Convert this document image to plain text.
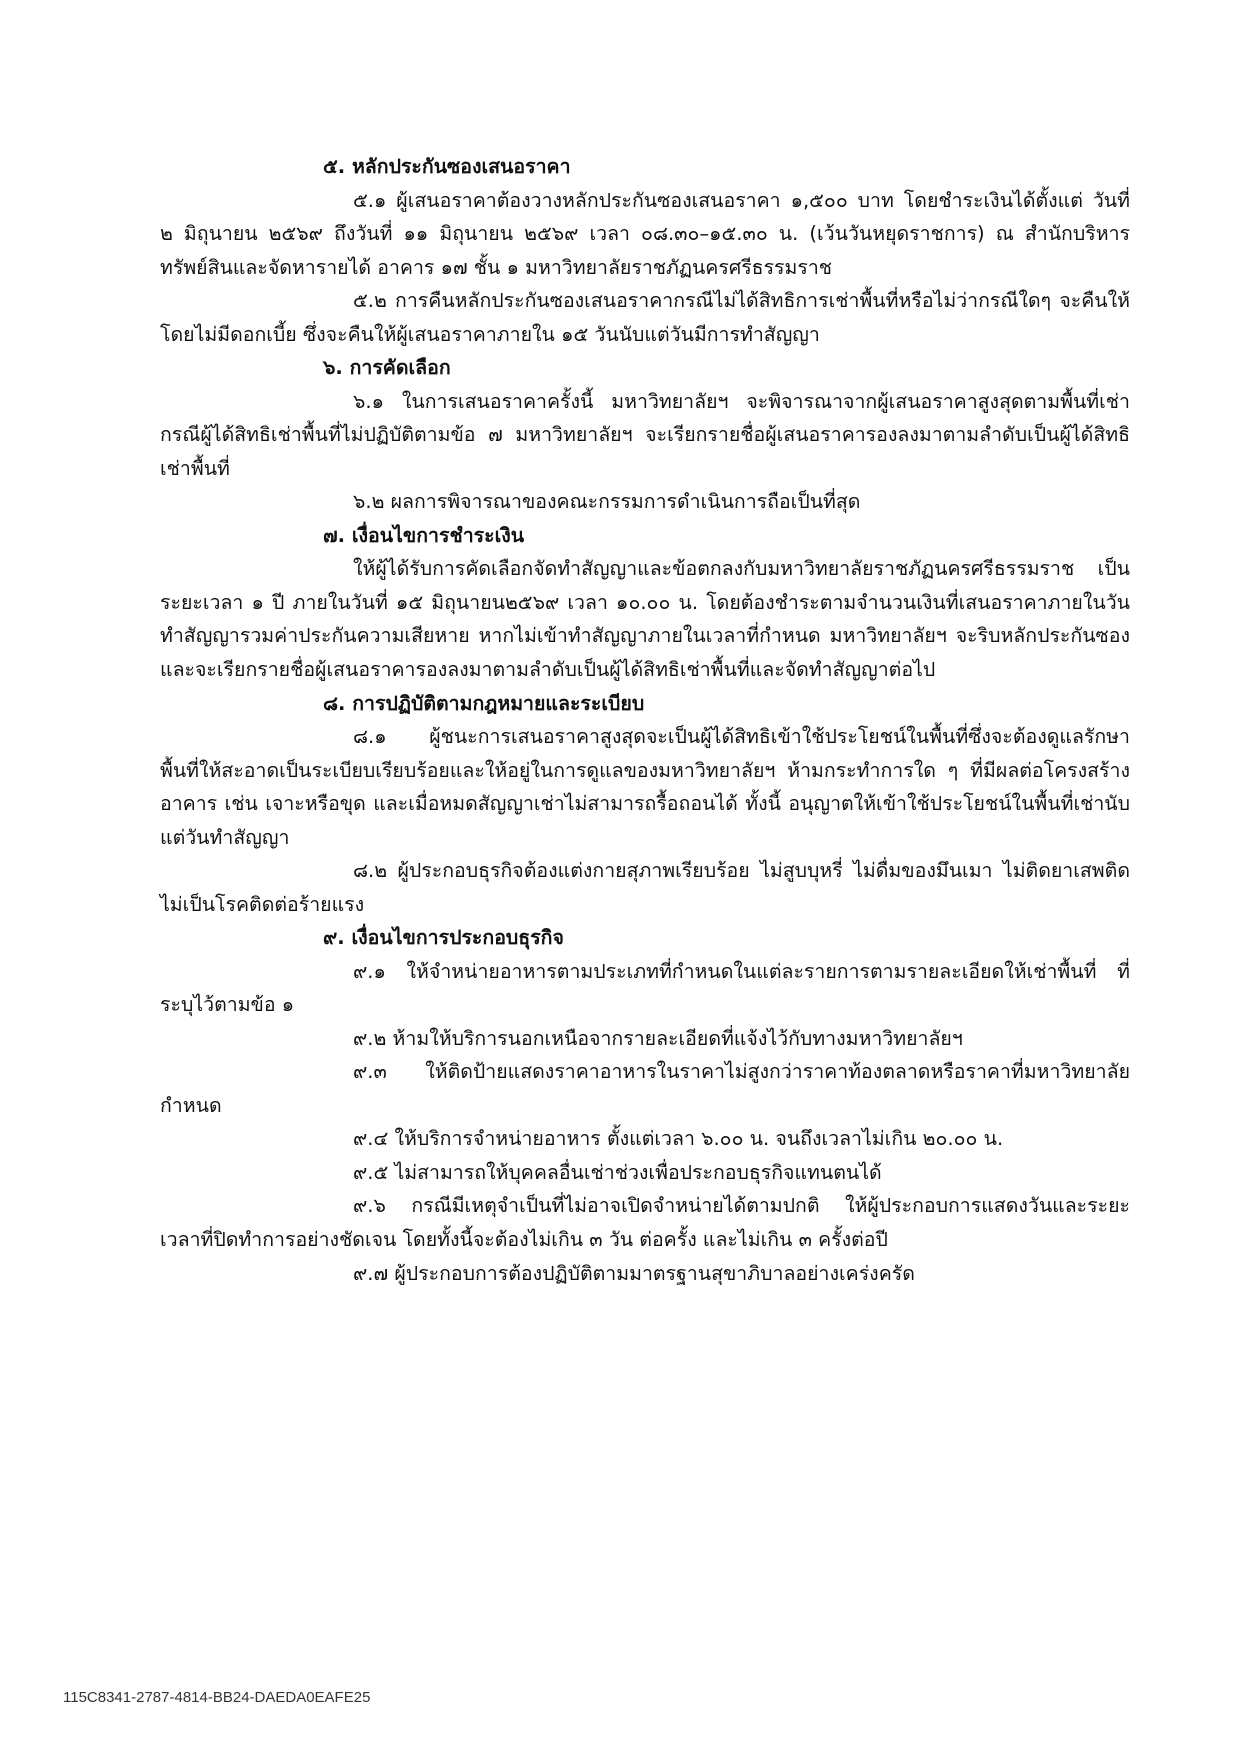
๕. หลักประกันซองเสนอราคา
๕.๑ ผู้เสนอราคาต้องวางหลักประกันซองเสนอราคา ๑,๕๐๐ บาท โดยชำระเงินได้ตั้งแต่ วันที่ ๒ มิถุนายน ๒๕๖๙ ถึงวันที่ ๑๑ มิถุนายน ๒๕๖๙ เวลา ๐๘.๓๐–๑๕.๓๐ น. (เว้นวันหยุดราชการ) ณ สำนักบริหารทรัพย์สินและจัดหารายได้ อาคาร ๑๗ ชั้น ๑ มหาวิทยาลัยราชภัฏนครศรีธรรมราช
๕.๒ การคืนหลักประกันซองเสนอราคากรณีไม่ได้สิทธิการเช่าพื้นที่หรือไม่ว่ากรณีใดๆ จะคืนให้โดยไม่มีดอกเบี้ย ซึ่งจะคืนให้ผู้เสนอราคาภายใน ๑๕ วันนับแต่วันมีการทำสัญญา
๖. การคัดเลือก
๖.๑ ในการเสนอราคาครั้งนี้ มหาวิทยาลัยฯ จะพิจารณาจากผู้เสนอราคาสูงสุดตามพื้นที่เช่า กรณีผู้ได้สิทธิเช่าพื้นที่ไม่ปฏิบัติตามข้อ ๗ มหาวิทยาลัยฯ จะเรียกรายชื่อผู้เสนอราคารองลงมาตามลำดับเป็นผู้ได้สิทธิเช่าพื้นที่
๖.๒ ผลการพิจารณาของคณะกรรมการดำเนินการถือเป็นที่สุด
๗. เงื่อนไขการชำระเงิน
ให้ผู้ได้รับการคัดเลือกจัดทำสัญญาและข้อตกลงกับมหาวิทยาลัยราชภัฏนครศรีธรรมราช เป็นระยะเวลา ๑ ปี ภายในวันที่ ๑๕ มิถุนายน๒๕๖๙ เวลา ๑๐.๐๐ น. โดยต้องชำระตามจำนวนเงินที่เสนอราคาภายในวันทำสัญญารวมค่าประกันความเสียหาย หากไม่เข้าทำสัญญาภายในเวลาที่กำหนด มหาวิทยาลัยฯ จะริบหลักประกันซองและจะเรียกรายชื่อผู้เสนอราคารองลงมาตามลำดับเป็นผู้ได้สิทธิเช่าพื้นที่และจัดทำสัญญาต่อไป
๘. การปฏิบัติตามกฎหมายและระเบียบ
๘.๑ ผู้ชนะการเสนอราคาสูงสุดจะเป็นผู้ได้สิทธิเข้าใช้ประโยชน์ในพื้นที่ซึ่งจะต้องดูแลรักษาพื้นที่ให้สะอาดเป็นระเบียบเรียบร้อยและให้อยู่ในการดูแลของมหาวิทยาลัยฯ ห้ามกระทำการใด ๆ ที่มีผลต่อโครงสร้างอาคาร เช่น เจาะหรือขุด และเมื่อหมดสัญญาเช่าไม่สามารถรื้อถอนได้ ทั้งนี้ อนุญาตให้เข้าใช้ประโยชน์ในพื้นที่เช่านับแต่วันทำสัญญา
๘.๒ ผู้ประกอบธุรกิจต้องแต่งกายสุภาพเรียบร้อย ไม่สูบบุหรี่ ไม่ดื่มของมึนเมา ไม่ติดยาเสพติด ไม่เป็นโรคติดต่อร้ายแรง
๙. เงื่อนไขการประกอบธุรกิจ
๙.๑ ให้จำหน่ายอาหารตามประเภทที่กำหนดในแต่ละรายการตามรายละเอียดให้เช่าพื้นที่ ที่ระบุไว้ตามข้อ ๑
๙.๒ ห้ามให้บริการนอกเหนือจากรายละเอียดที่แจ้งไว้กับทางมหาวิทยาลัยฯ
๙.๓ ให้ติดป้ายแสดงราคาอาหารในราคาไม่สูงกว่าราคาท้องตลาดหรือราคาที่มหาวิทยาลัย กำหนด
๙.๔ ให้บริการจำหน่ายอาหาร ตั้งแต่เวลา ๖.๐๐ น. จนถึงเวลาไม่เกิน ๒๐.๐๐ น.
๙.๕ ไม่สามารถให้บุคคลอื่นเช่าช่วงเพื่อประกอบธุรกิจแทนตนได้
๙.๖ กรณีมีเหตุจำเป็นที่ไม่อาจเปิดจำหน่ายได้ตามปกติ ให้ผู้ประกอบการแสดงวันและระยะเวลาที่ปิดทำการอย่างชัดเจน โดยทั้งนี้จะต้องไม่เกิน ๓ วัน ต่อครั้ง และไม่เกิน ๓ ครั้งต่อปี
๙.๗ ผู้ประกอบการต้องปฏิบัติตามมาตรฐานสุขาภิบาลอย่างเคร่งครัด
115C8341-2787-4814-BB24-DAEDA0EAFE25
